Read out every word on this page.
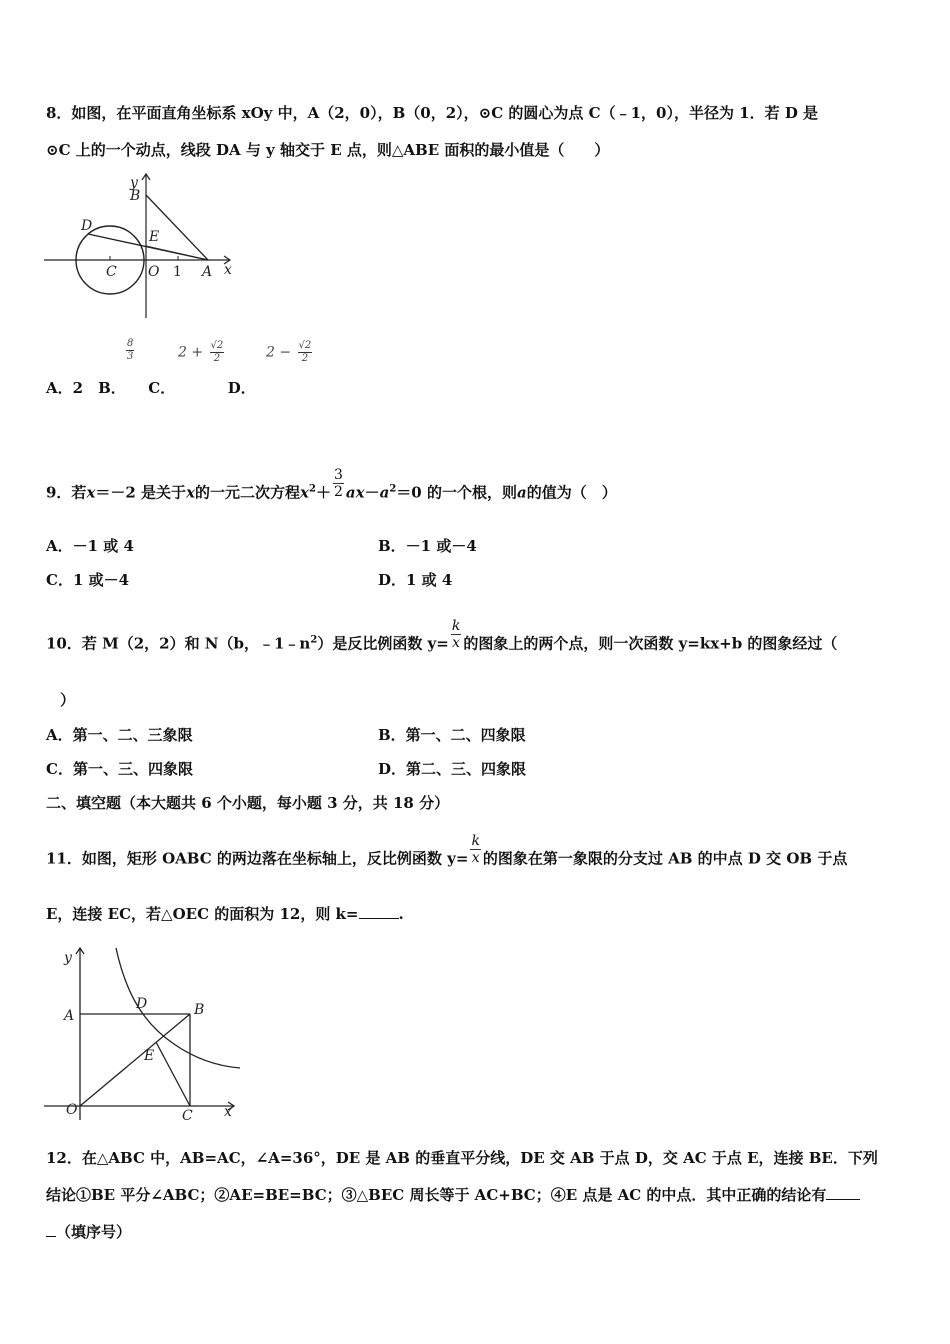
8．如图，在平面直角坐标系 xOy 中，A（2，0），B（0，2），⊙C 的圆心为点 C（﹣1，0），半径为 1．若 D 是
⊙C 上的一个动点，线段 DA 与 y 轴交于 E 点，则△ABE 面积的最小值是（　　）
y
B
D
E
C O 1 A x
$\frac{8}{3}$	$2 + \frac{√2}{2}$	$2 - \frac{√2}{2}$
A．2　B．　　C．　　　　D．
9．若x＝－2 是关于x的一元二次方程$x^2+ \frac{3}{2} ax-a^2=0$ 的一个根，则a的值为（　）
A．－1 或 4	B．－1 或－4
C．1 或－4	D．1 或 4
10．若 M（2，2）和 N（b，$﹣1﹣n^2$）是反比例函数 $y= \frac{k}{x}$ 的图象上的两个点，则一次函数 y=kx+b 的图象经过（
）
A．第一、二、三象限	B．第一、二、四象限
C．第一、三、四象限	D．第二、三、四象限
二、填空题（本大题共 6 个小题，每小题 3 分，共 18 分）
11．如图，矩形 OABC 的两边落在坐标轴上，反比例函数 $y= \frac{k}{x}$ 的图象在第一象限的分支过 AB 的中点 D 交 OB 于点
E，连接 EC，若△OEC 的面积为 12，则 k=	.
y
A
D	B
E
O	C x
12．在△ABC 中，AB=AC，∠A=36°，DE 是 AB 的垂直平分线，DE 交 AB 于点 D，交 AC 于点 E，连接 BE．下列
结论①BE 平分∠ABC；②AE=BE=BC；③△BEC 周长等于 AC+BC；④E 点是 AC 的中点．其中正确的结论有
（填序号）
